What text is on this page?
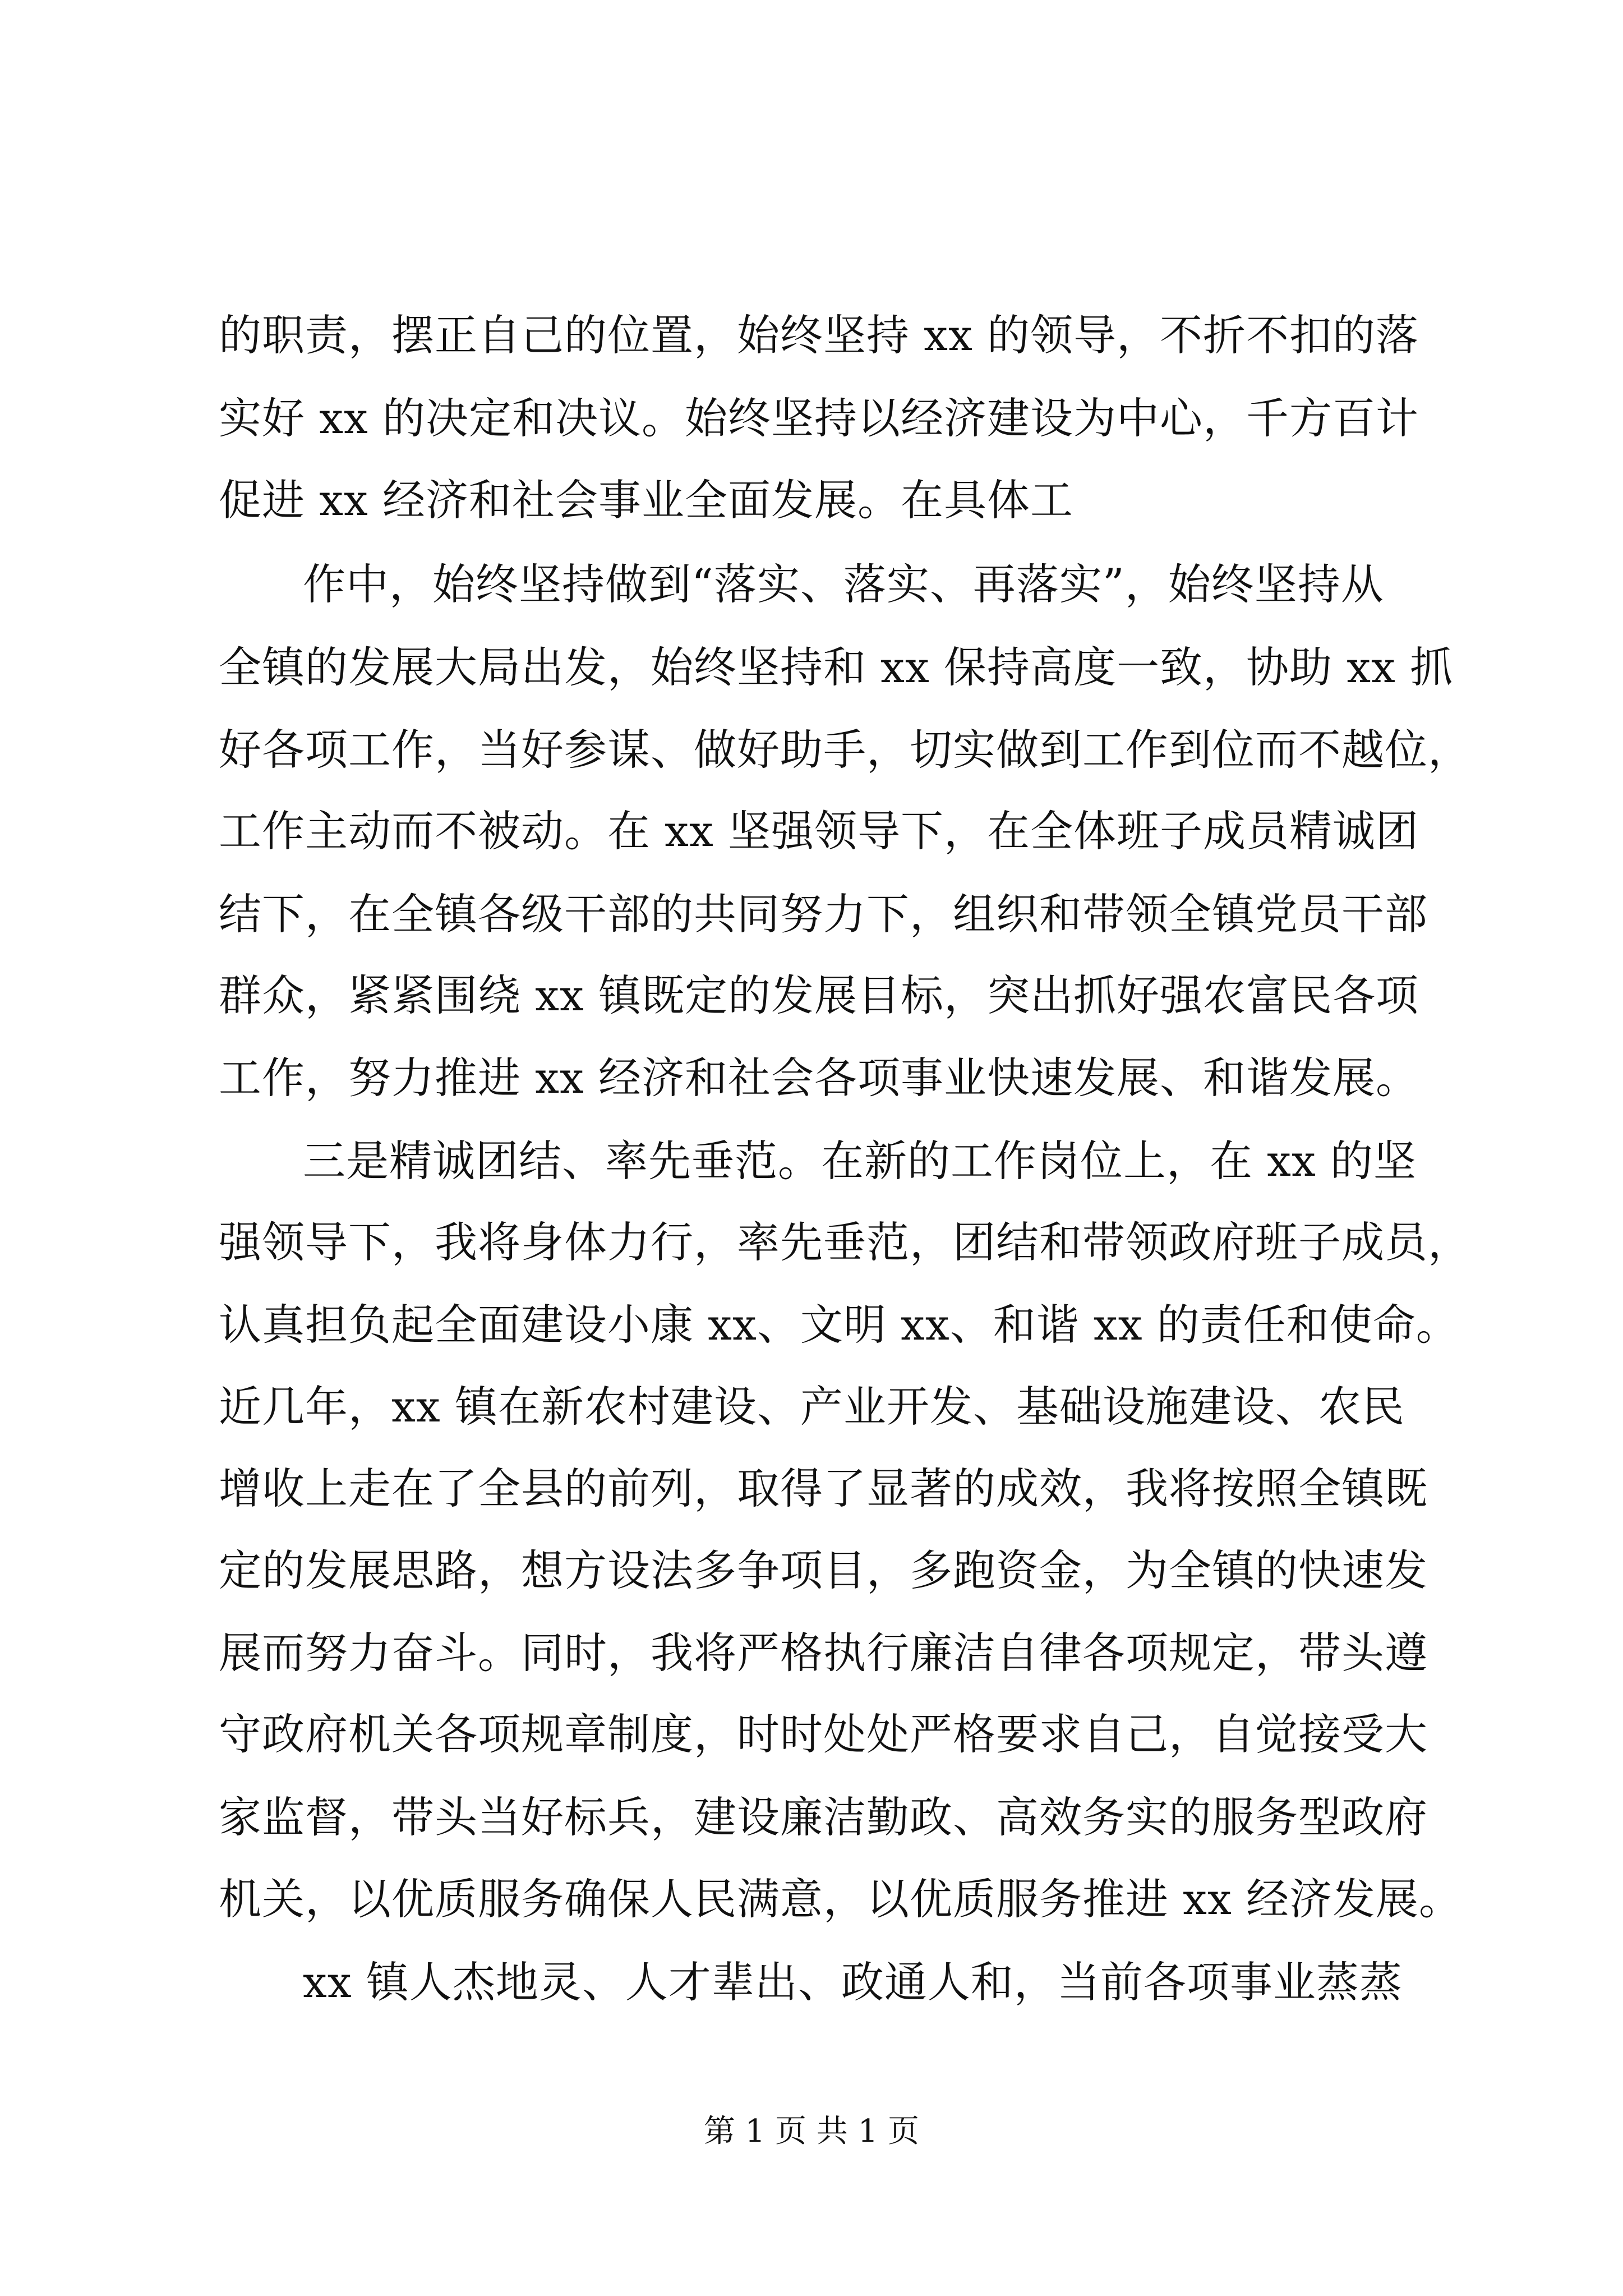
的职责，摆正自己的位置，始终坚持 xx 的领导，不折不扣的落
实好 xx 的决定和决议。始终坚持以经济建设为中心，千方百计
促进 xx 经济和社会事业全面发展。在具体工
作中，始终坚持做到“落实、落实、再落实”，始终坚持从
全镇的发展大局出发，始终坚持和 xx 保持高度一致，协助 xx 抓
好各项工作，当好参谋、做好助手，切实做到工作到位而不越位，
工作主动而不被动。在 xx 坚强领导下，在全体班子成员精诚团
结下，在全镇各级干部的共同努力下，组织和带领全镇党员干部
群众，紧紧围绕 xx 镇既定的发展目标，突出抓好强农富民各项
工作，努力推进 xx 经济和社会各项事业快速发展、和谐发展。
三是精诚团结、率先垂范。在新的工作岗位上，在 xx 的坚
强领导下，我将身体力行，率先垂范，团结和带领政府班子成员，
认真担负起全面建设小康 xx、文明 xx、和谐 xx 的责任和使命。
近几年，xx 镇在新农村建设、产业开发、基础设施建设、农民
增收上走在了全县的前列，取得了显著的成效，我将按照全镇既
定的发展思路，想方设法多争项目，多跑资金，为全镇的快速发
展而努力奋斗。同时，我将严格执行廉洁自律各项规定，带头遵
守政府机关各项规章制度，时时处处严格要求自己，自觉接受大
家监督，带头当好标兵，建设廉洁勤政、高效务实的服务型政府
机关，以优质服务确保人民满意，以优质服务推进 xx 经济发展。
xx 镇人杰地灵、人才辈出、政通人和，当前各项事业蒸蒸
第 1 页 共 1 页
